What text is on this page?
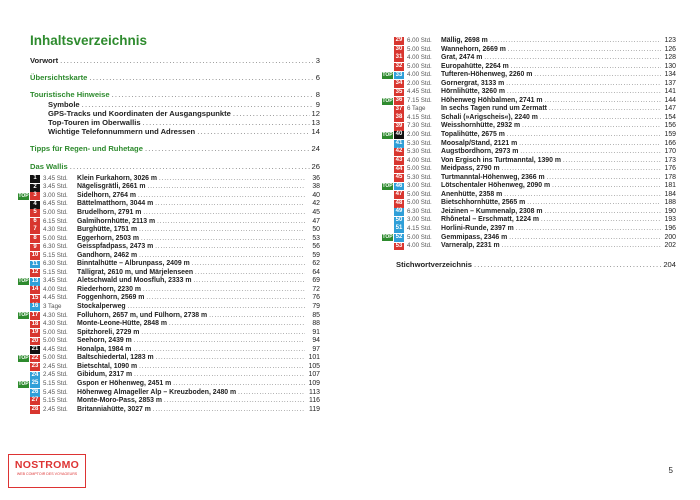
Inhaltsverzeichnis
Vorwort .....	3
Übersichtskarte .....	6
Touristische Hinweise .....	8
Symbole .....	9
GPS-Tracks und Koordinaten der Ausgangspunkte .....	12
Top-Touren im Oberwallis .....	13
Wichtige Telefonnummern und Adressen .....	14
Tipps für Regen- und Ruhetage .....	24
Das Wallis .....	26
1	3.45 Std.	Klein Furkahorn, 3026 m .....	36
2	3.45 Std.	Nägelisgrätli, 2661 m .....	38
TOP 3	3.00 Std.	Sidelhorn, 2764 m .....	40
4	6.45 Std.	Bättelmatthorn, 3044 m .....	42
5	5.00 Std.	Brudelhorn, 2791 m .....	45
6	6.15 Std.	Galmihornhütte, 2113 m .....	47
7	4.30 Std.	Burghütte, 1751 m .....	50
8	5.00 Std.	Eggerhorn, 2503 m .....	53
9	6.30 Std.	Geisspfadpass, 2473 m .....	56
10 5.15 Std.	Gandhorn, 2462 m .....	59
11 6.30 Std.	Binntalhütte – Albrunpass, 2409 m .....	62
12 5.15 Std.	Tälligrat, 2610 m, und Märjelenseen .....	64
TOP 13 3.45 Std.	Aletschwald und Moosfluh, 2333 m .....	69
14 4.00 Std.	Riederhorn, 2230 m .....	72
15 4.45 Std.	Foggenhorn, 2569 m .....	76
16 3 Tage	Stockalperweg .....	79
TOP 17 4.30 Std.	Folluhorn, 2657 m, und Fülhorn, 2738 m .....	85
18 4.30 Std.	Monte-Leone-Hütte, 2848 m .....	88
19 5.00 Std.	Spitzhoreli, 2729 m .....	91
20 5.00 Std.	Seehorn, 2439 m .....	94
21 4.45 Std.	Honalpa, 1984 m .....	97
TOP 22 5.00 Std.	Baltschiedertal, 1283 m .....	101
23 2.45 Std.	Bietschtal, 1090 m .....	105
24 2.45 Std.	Gibidum, 2317 m .....	107
TOP 25 5.15 Std.	Gspon er Höhenweg, 2451 m .....	109
26 5.45 Std.	Höhenweg Almageller Alp – Kreuzboden, 2480 m .....	113
27 5.15 Std.	Monte-Moro-Pass, 2853 m .....	116
28 2.45 Std.	Britanniahütte, 3027 m .....	119
29 6.00 Std.	Mällig, 2698 m .....	123
30 5.00 Std.	Wannehorn, 2669 m .....	126
31 4.00 Std.	Grat, 2474 m .....	128
32 5.00 Std.	Europahütte, 2264 m .....	130
TOP 33 4.00 Std.	Tufteren-Höhenweg, 2260 m .....	134
34 2.00 Std.	Gornergrat, 3133 m .....	137
35 4.45 Std.	Hörnlihütte, 3260 m .....	141
TOP 36 7.15 Std.	Höhenweg Höhbalmen, 2741 m .....	144
37 6 Tage	In sechs Tagen rund um Zermatt .....	147
38 4.15 Std.	Schali (»Arigscheis«), 2240 m .....	154
39 7.30 Std.	Weisshornhütte, 2932 m .....	156
TOP 40 2.00 Std.	Topalihütte, 2675 m .....	159
41 5.30 Std.	Moosalp/Stand, 2121 m .....	166
42 5.30 Std.	Augstbordhorn, 2973 m .....	170
43 4.00 Std.	Von Ergisch ins Turtmanntal, 1390 m .....	173
44 5.00 Std.	Meidpass, 2790 m .....	176
45 5.30 Std.	Turtmanntal-Höhenweg, 2366 m .....	178
TOP 46 3.00 Std.	Lötschentaler Höhenweg, 2090 m .....	181
47 5.00 Std.	Anenhütte, 2358 m .....	184
48 5.00 Std.	Bietschhornhütte, 2565 m .....	188
49 6.30 Std.	Jeizinen – Kummenalp, 2308 m .....	190
50 3.00 Std.	Rhônetal – Erschmatt, 1224 m .....	193
51 4.15 Std.	Horlini-Runde, 2397 m .....	196
TOP 52 5.00 Std.	Gemmipass, 2346 m .....	200
53 4.00 Std.	Varneralp, 2231 m .....	202
Stichwortverzeichnis .....	204
5
NOSTROMO
WEB COMPTOIR DES VOYAGEURS
